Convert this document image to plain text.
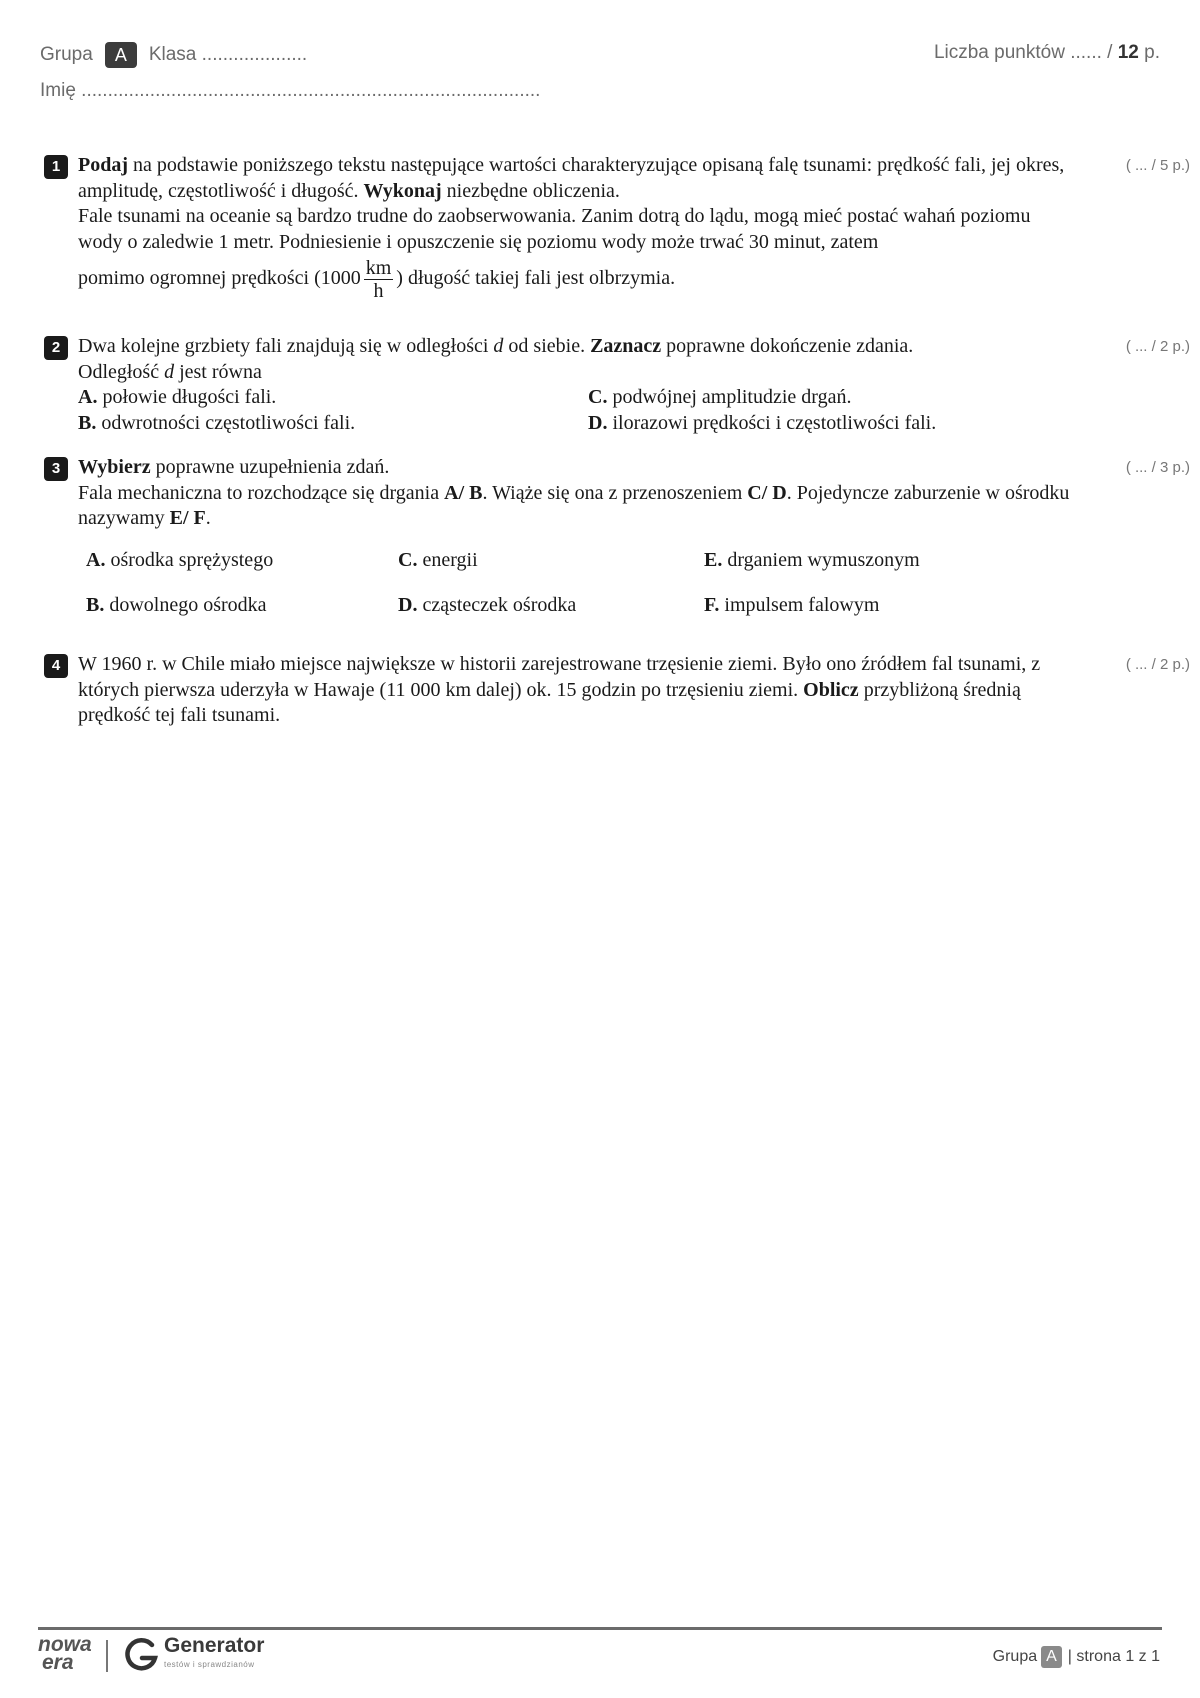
Grupa	A	Klasa ....................	Liczba punktów ...... / 12 p.
Imię .......................................................................................
1 Podaj na podstawie poniższego tekstu następujące wartości charakteryzujące opisaną falę tsunami: prędkość fali, jej okres, amplitudę, częstotliwość i długość. Wykonaj niezbędne obliczenia.
Fale tsunami na oceanie są bardzo trudne do zaobserwowania. Zanim dotrą do lądu, mogą mieć postać wahań poziomu wody o zaledwie 1 metr. Podniesienie i opuszczenie się poziomu wody może trwać 30 minut, zatem
pomimo ogromnej prędkości ($1000 \frac{km}{h}$ ) długość takiej fali jest olbrzymia.
( ... / 5 p.)
2 Dwa kolejne grzbiety fali znajdują się w odległości d od siebie. Zaznacz poprawne dokończenie zdania.
Odległość d jest równa
A. połowie długości fali.	C. podwójnej amplitudzie drgań.
B. odwrotności częstotliwości fali.	D. ilorazowi prędkości i częstotliwości fali.
( ... / 2 p.)
3 Wybierz poprawne uzupełnienia zdań.
Fala mechaniczna to rozchodzące się drgania A/ B. Wiąże się ona z przenoszeniem C/ D. Pojedyncze zaburzenie w ośrodku nazywamy E/ F.
A. ośrodka sprężystego	C. energii	E. drganiem wymuszonym
B. dowolnego ośrodka	D. cząsteczek ośrodka	F. impulsem falowym
( ... / 3 p.)
4 W 1960 r. w Chile miało miejsce największe w historii zarejestrowane trzęsienie ziemi. Było ono źródłem fal tsunami, z których pierwsza uderzyła w Hawaje (11 000 km dalej) ok. 15 godzin po trzęsieniu ziemi. Oblicz przybliżoną średnią prędkość tej fali tsunami.
( ... / 2 p.)
nowa
era
Generator
testów i sprawdzianów	Grupa A | strona 1 z 1
